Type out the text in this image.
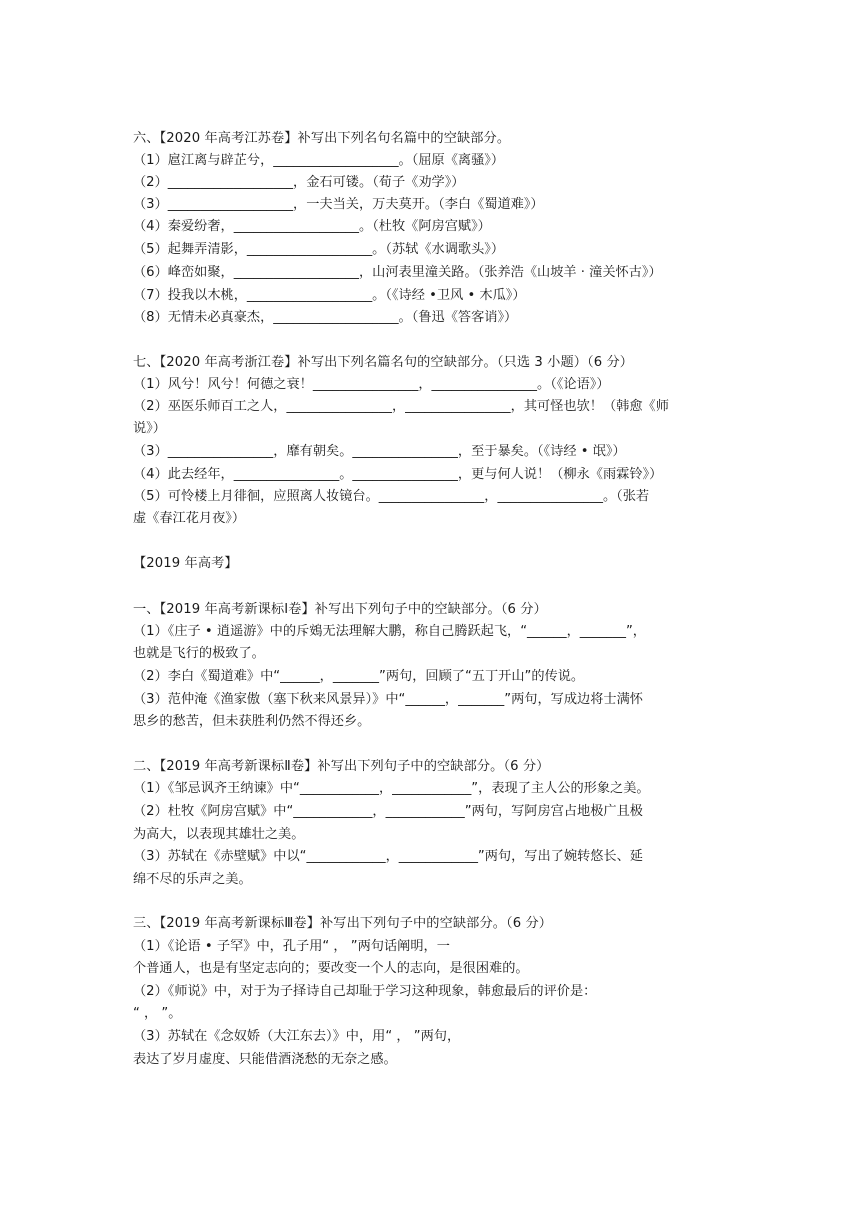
六、【2020 年高考江苏卷】补写出下列名句名篇中的空缺部分。
（1）扈江离与辟芷兮，___________________。（屈原《离骚》）
（2）___________________，金石可镂。（荀子《劝学》）
（3）___________________，一夫当关，万夫莫开。（李白《蜀道难》）
（4）秦爱纷奢，___________________。（杜牧《阿房宫赋》）
（5）起舞弄清影，___________________。（苏轼《水调歌头》）
（6）峰峦如聚，___________________，山河表里潼关路。（张养浩《山坡羊 · 潼关怀古》）
（7）投我以木桃，___________________。（《诗经 •卫风 • 木瓜》）
（8）无情未必真豪杰，___________________。（鲁迅《答客诮》）
七、【2020 年高考浙江卷】补写出下列名篇名句的空缺部分。（只选 3 小题）（6 分）
（1）风兮！风兮！何德之衰！________________，________________。（《论语》）
（2）巫医乐师百工之人，________________，________________，其可怪也欤！（韩愈《师
说》）
（3）________________，靡有朝矣。________________，至于暴矣。（《诗经 • 氓》）
（4）此去经年，________________。________________，更与何人说！（柳永《雨霖铃》）
（5）可怜楼上月徘徊，应照离人妆镜台。________________，________________。（张若
虚《春江花月夜》）
【2019 年高考】
一、【2019 年高考新课标Ⅰ卷】补写出下列句子中的空缺部分。（6 分）
（1）《庄子 • 逍遥游》中的斥鴳无法理解大鹏，称自己腾跃起飞，“______，_______”，
也就是飞行的极致了。
（2）李白《蜀道难》中“______，_______”两句，回顾了“五丁开山”的传说。
（3）范仲淹《渔家傲（塞下秋来风景异）》中“______，_______”两句，写成边将士满怀
思乡的愁苦，但未获胜利仍然不得还乡。
二、【2019 年高考新课标Ⅱ卷】补写出下列句子中的空缺部分。（6 分）
（1）《邹忌讽齐王纳谏》中“____________，____________”，表现了主人公的形象之美。
（2）杜牧《阿房宫赋》中“____________，____________”两句，写阿房宫占地极广且极
为高大，以表现其雄壮之美。
（3）苏轼在《赤壁赋》中以“____________，____________”两句，写出了婉转悠长、延
绵不尽的乐声之美。
三、【2019 年高考新课标Ⅲ卷】补写出下列句子中的空缺部分。（6 分）
（1）《论语 • 子罕》中，孔子用“ ， ”两句话阐明，一
个普通人，也是有坚定志向的；要改变一个人的志向，是很困难的。
（2）《师说》中，对于为子择诗自己却耻于学习这种现象，韩愈最后的评价是：
“ ， ”。
（3）苏轼在《念奴娇（大江东去）》中，用“ ， ”两句，
表达了岁月虚度、只能借酒浇愁的无奈之感。
